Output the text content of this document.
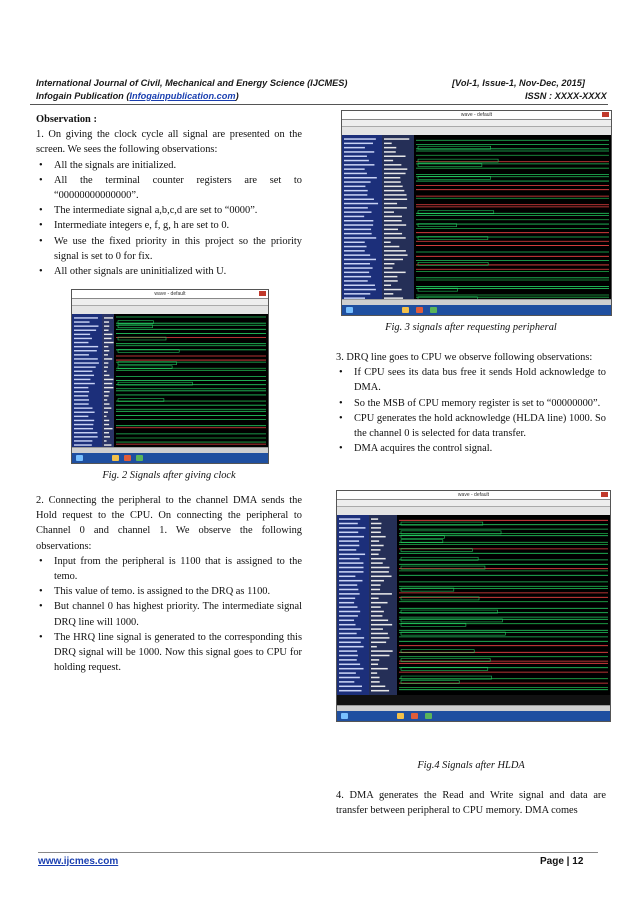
International Journal of Civil, Mechanical and Energy Science (IJCMES)	[Vol-1, Issue-1, Nov-Dec, 2015]
Infogain Publication (Infogainpublication.com)	ISSN : XXXX-XXXX

Observation :

1. On giving the clock cycle all signal are presented on the screen. We sees the following observations:

• All the signals are initialized.
• All the terminal counter registers are set to “00000000000000”.
• The intermediate signal a,b,c,d are set to “0000”.
• Intermediate integers e, f, g, h are set to 0.
• We use the fixed priority in this project so the priority signal is set to 0 for fix.
• All other signals are uninitialized with U.
wave - default
Fig. 2 Signals after giving clock

2. Connecting the peripheral to the channel DMA sends the Hold request to the CPU. On connecting the peripheral to Channel 0 and channel 1. We observe the following observations:

• Input from the peripheral is 1100 that is assigned to the temo.
• This value of temo. is assigned to the DRQ as 1100.
• But channel 0 has highest priority. The intermediate signal DRQ line will 1000.
• The HRQ line signal is generated to the corresponding this DRQ signal will be 1000. Now this signal goes to CPU for holding request.
wave - default
Fig. 3 signals after requesting peripheral

3. DRQ line goes to CPU we observe following observations:

• If CPU sees its data bus free it sends Hold acknowledge to DMA.
• So the MSB of CPU memory register is set to “00000000”.
• CPU generates the hold acknowledge (HLDA line) 1000. So the channel 0 is selected for data transfer.
• DMA acquires the control signal.
wave - default
Fig.4 Signals after HLDA

4. DMA generates the Read and Write signal and data are transfer between peripheral to CPU memory. DMA comes

www.ijcmes.com	Page | 12
